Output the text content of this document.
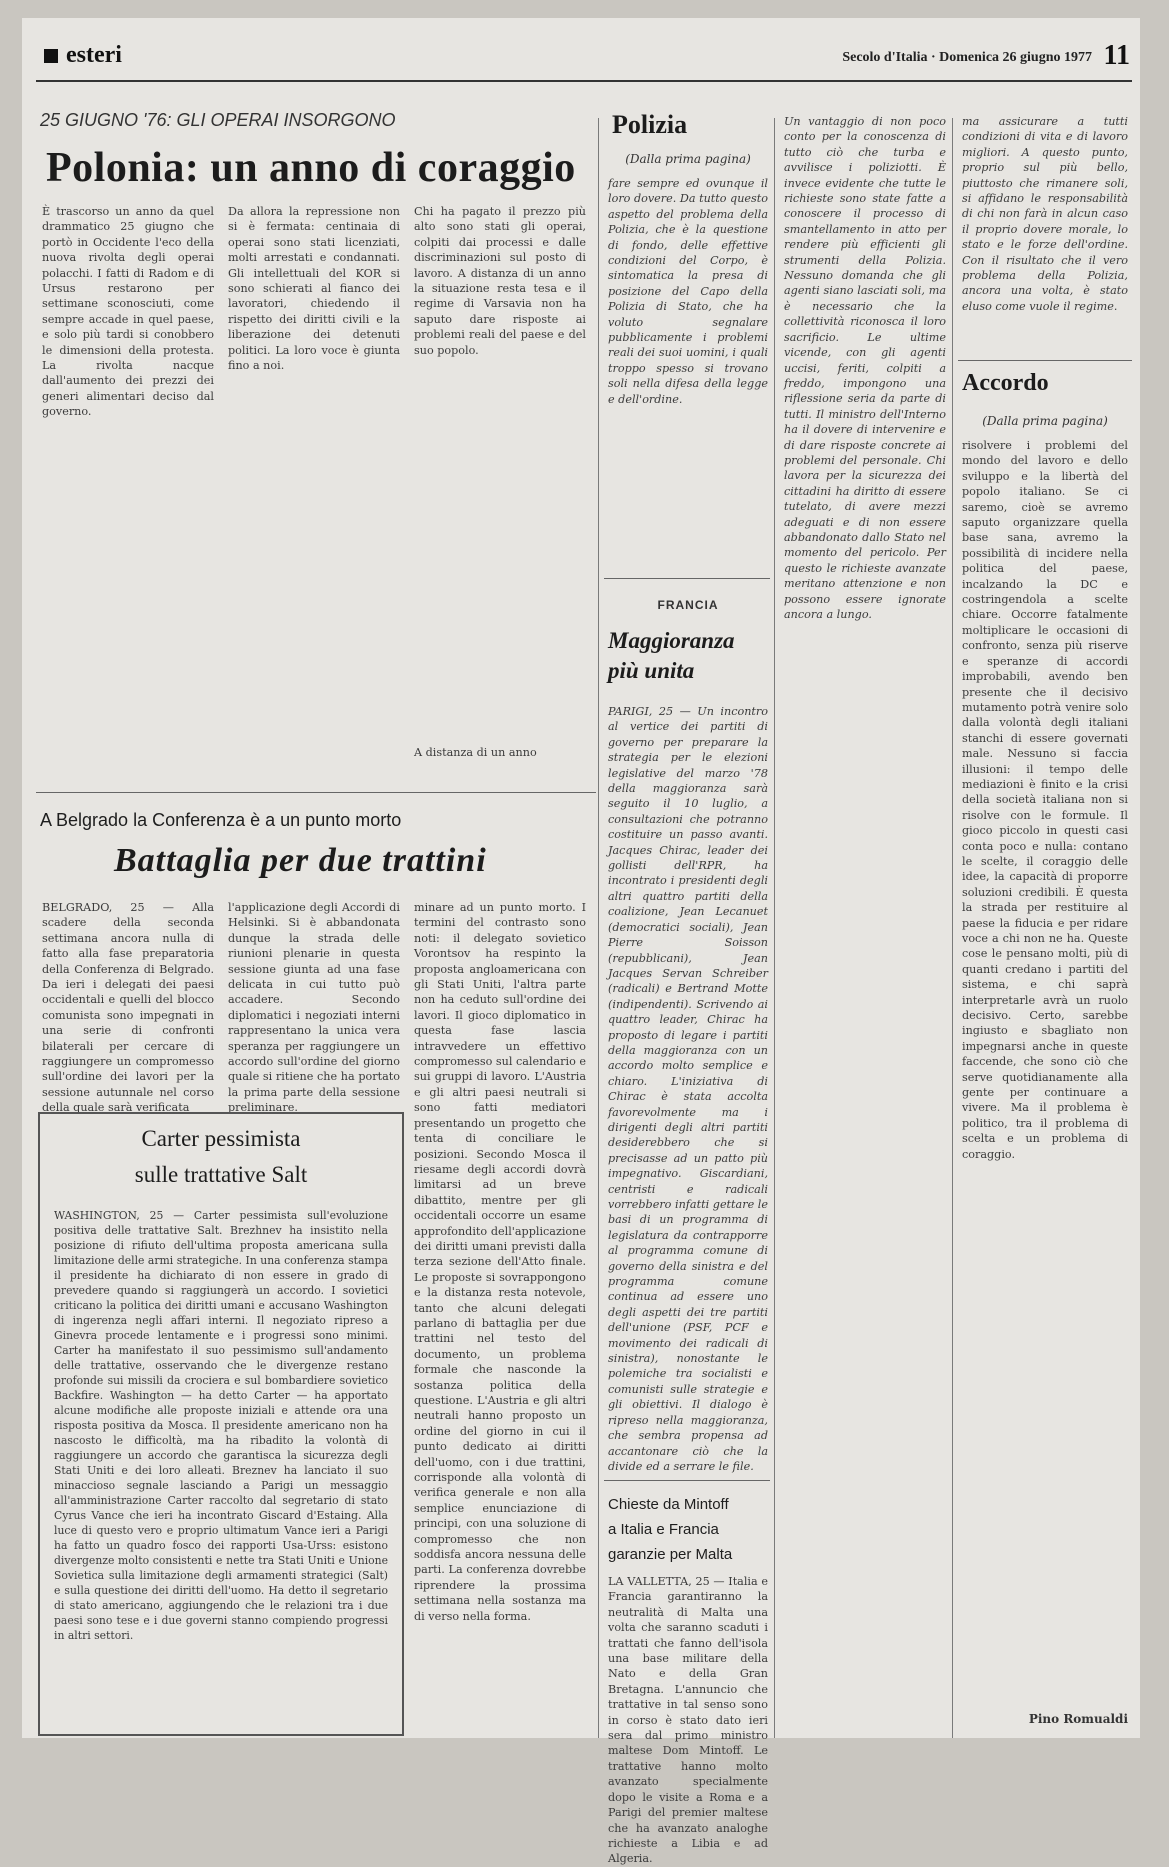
esteri	Secolo d'Italia · Domenica 26 giugno 1977 11
25 GIUGNO '76: GLI OPERAI INSORGONO
Polonia: un anno di coraggio
È trascorso un anno da quel drammatico 25 giugno che portò in Occidente l'eco della nuova rivolta degli operai polacchi. I fatti di Radom e di Ursus restarono per settimane sconosciuti, come sempre accade in quel paese, e solo più tardi si conobbero le dimensioni della protesta. La rivolta nacque dall'aumento dei prezzi dei generi alimentari deciso dal governo.
Da allora la repressione non si è fermata: centinaia di operai sono stati licenziati, molti arrestati e condannati. Gli intellettuali del KOR si sono schierati al fianco dei lavoratori, chiedendo il rispetto dei diritti civili e la liberazione dei detenuti politici. La loro voce è giunta fino a noi.
Chi ha pagato il prezzo più alto sono stati gli operai, colpiti dai processi e dalle discriminazioni sul posto di lavoro. A distanza di un anno la situazione resta tesa e il regime di Varsavia non ha saputo dare risposte ai problemi reali del paese e del suo popolo.
A distanza di un anno
Polizia
(Dalla prima pagina)
fare sempre ed ovunque il loro dovere. Da tutto questo aspetto del problema della Polizia, che è la questione di fondo, delle effettive condizioni del Corpo, è sintomatica la presa di posizione del Capo della Polizia di Stato, che ha voluto segnalare pubblicamente i problemi reali dei suoi uomini, i quali troppo spesso si trovano soli nella difesa della legge e dell'ordine.
FRANCIA
Maggioranza più unita
PARIGI, 25 — Un incontro al vertice dei partiti di governo per preparare la strategia per le elezioni legislative del marzo '78 della maggioranza sarà seguito il 10 luglio, a consultazioni che potranno costituire un passo avanti. Jacques Chirac, leader dei gollisti dell'RPR, ha incontrato i presidenti degli altri quattro partiti della coalizione, Jean Lecanuet (democratici sociali), Jean Pierre Soisson (repubblicani), Jean Jacques Servan Schreiber (radicali) e Bertrand Motte (indipendenti). Scrivendo ai quattro leader, Chirac ha proposto di legare i partiti della maggioranza con un accordo molto semplice e chiaro. L'iniziativa di Chirac è stata accolta favorevolmente ma i dirigenti degli altri partiti desiderebbero che si precisasse ad un patto più impegnativo. Giscardiani, centristi e radicali vorrebbero infatti gettare le basi di un programma di legislatura da contrapporre al programma comune di governo della sinistra e del programma comune continua ad essere uno degli aspetti dei tre partiti dell'unione (PSF, PCF e movimento dei radicali di sinistra), nonostante le polemiche tra socialisti e comunisti sulle strategie e gli obiettivi. Il dialogo è ripreso nella maggioranza, che sembra propensa ad accantonare ciò che la divide ed a serrare le file.
Chieste da Mintoff
a Italia e Francia
garanzie per Malta
LA VALLETTA, 25 — Italia e Francia garantiranno la neutralità di Malta una volta che saranno scaduti i trattati che fanno dell'isola una base militare della Nato e della Gran Bretagna. L'annuncio che trattative in tal senso sono in corso è stato dato ieri sera dal primo ministro maltese Dom Mintoff. Le trattative hanno molto avanzato specialmente dopo le visite a Roma e a Parigi del premier maltese che ha avanzato analoghe richieste a Libia e ad Algeria.
Un vantaggio di non poco conto per la conoscenza di tutto ciò che turba e avvilisce i poliziotti. È invece evidente che tutte le richieste sono state fatte a conoscere il processo di smantellamento in atto per rendere più efficienti gli strumenti della Polizia. Nessuno domanda che gli agenti siano lasciati soli, ma è necessario che la collettività riconosca il loro sacrificio. Le ultime vicende, con gli agenti uccisi, feriti, colpiti a freddo, impongono una riflessione seria da parte di tutti. Il ministro dell'Interno ha il dovere di intervenire e di dare risposte concrete ai problemi del personale. Chi lavora per la sicurezza dei cittadini ha diritto di essere tutelato, di avere mezzi adeguati e di non essere abbandonato dallo Stato nel momento del pericolo. Per questo le richieste avanzate meritano attenzione e non possono essere ignorate ancora a lungo.
ma assicurare a tutti condizioni di vita e di lavoro migliori. A questo punto, proprio sul più bello, piuttosto che rimanere soli, si affidano le responsabilità di chi non farà in alcun caso il proprio dovere morale, lo stato e le forze dell'ordine. Con il risultato che il vero problema della Polizia, ancora una volta, è stato eluso come vuole il regime.
Accordo
(Dalla prima pagina)
risolvere i problemi del mondo del lavoro e dello sviluppo e la libertà del popolo italiano. Se ci saremo, cioè se avremo saputo organizzare quella base sana, avremo la possibilità di incidere nella politica del paese, incalzando la DC e costringendola a scelte chiare. Occorre fatalmente moltiplicare le occasioni di confronto, senza più riserve e speranze di accordi improbabili, avendo ben presente che il decisivo mutamento potrà venire solo dalla volontà degli italiani stanchi di essere governati male. Nessuno si faccia illusioni: il tempo delle mediazioni è finito e la crisi della società italiana non si risolve con le formule. Il gioco piccolo in questi casi conta poco e nulla: contano le scelte, il coraggio delle idee, la capacità di proporre soluzioni credibili. È questa la strada per restituire al paese la fiducia e per ridare voce a chi non ne ha. Queste cose le pensano molti, più di quanti credano i partiti del sistema, e chi saprà interpretarle avrà un ruolo decisivo. Certo, sarebbe ingiusto e sbagliato non impegnarsi anche in queste faccende, che sono ciò che serve quotidianamente alla gente per continuare a vivere. Ma il problema è politico, tra il problema di scelta e un problema di coraggio.
Pino Romualdi
A Belgrado la Conferenza è a un punto morto
Battaglia per due trattini
BELGRADO, 25 — Alla scadere della seconda settimana ancora nulla di fatto alla fase preparatoria della Conferenza di Belgrado. Da ieri i delegati dei paesi occidentali e quelli del blocco comunista sono impegnati in una serie di confronti bilaterali per cercare di raggiungere un compromesso sull'ordine dei lavori per la sessione autunnale nel corso della quale sarà verificata
l'applicazione degli Accordi di Helsinki. Si è abbandonata dunque la strada delle riunioni plenarie in questa sessione giunta ad una fase delicata in cui tutto può accadere. Secondo diplomatici i negoziati interni rappresentano la unica vera speranza per raggiungere un accordo sull'ordine del giorno quale si ritiene che ha portato la prima parte della sessione preliminare.
minare ad un punto morto. I termini del contrasto sono noti: il delegato sovietico Vorontsov ha respinto la proposta angloamericana con gli Stati Uniti, l'altra parte non ha ceduto sull'ordine dei lavori. Il gioco diplomatico in questa fase lascia intravvedere un effettivo compromesso sul calendario e sui gruppi di lavoro. L'Austria e gli altri paesi neutrali si sono fatti mediatori presentando un progetto che tenta di conciliare le posizioni. Secondo Mosca il riesame degli accordi dovrà limitarsi ad un breve dibattito, mentre per gli occidentali occorre un esame approfondito dell'applicazione dei diritti umani previsti dalla terza sezione dell'Atto finale. Le proposte si sovrappongono e la distanza resta notevole, tanto che alcuni delegati parlano di battaglia per due trattini nel testo del documento, un problema formale che nasconde la sostanza politica della questione. L'Austria e gli altri neutrali hanno proposto un ordine del giorno in cui il punto dedicato ai diritti dell'uomo, con i due trattini, corrisponde alla volontà di verifica generale e non alla semplice enunciazione di principi, con una soluzione di compromesso che non soddisfa ancora nessuna delle parti. La conferenza dovrebbe riprendere la prossima settimana nella sostanza ma di verso nella forma.
Carter pessimista
sulle trattative Salt
WASHINGTON, 25 — Carter pessimista sull'evoluzione positiva delle trattative Salt. Brezhnev ha insistito nella posizione di rifiuto dell'ultima proposta americana sulla limitazione delle armi strategiche. In una conferenza stampa il presidente ha dichiarato di non essere in grado di prevedere quando si raggiungerà un accordo. I sovietici criticano la politica dei diritti umani e accusano Washington di ingerenza negli affari interni. Il negoziato ripreso a Ginevra procede lentamente e i progressi sono minimi. Carter ha manifestato il suo pessimismo sull'andamento delle trattative, osservando che le divergenze restano profonde sui missili da crociera e sul bombardiere sovietico Backfire. Washington — ha detto Carter — ha apportato alcune modifiche alle proposte iniziali e attende ora una risposta positiva da Mosca. Il presidente americano non ha nascosto le difficoltà, ma ha ribadito la volontà di raggiungere un accordo che garantisca la sicurezza degli Stati Uniti e dei loro alleati. Breznev ha lanciato il suo minaccioso segnale lasciando a Parigi un messaggio all'amministrazione Carter raccolto dal segretario di stato Cyrus Vance che ieri ha incontrato Giscard d'Estaing. Alla luce di questo vero e proprio ultimatum Vance ieri a Parigi ha fatto un quadro fosco dei rapporti Usa-Urss: esistono divergenze molto consistenti e nette tra Stati Uniti e Unione Sovietica sulla limitazione degli armamenti strategici (Salt) e sulla questione dei diritti dell'uomo. Ha detto il segretario di stato americano, aggiungendo che le relazioni tra i due paesi sono tese e i due governi stanno compiendo progressi in altri settori.
